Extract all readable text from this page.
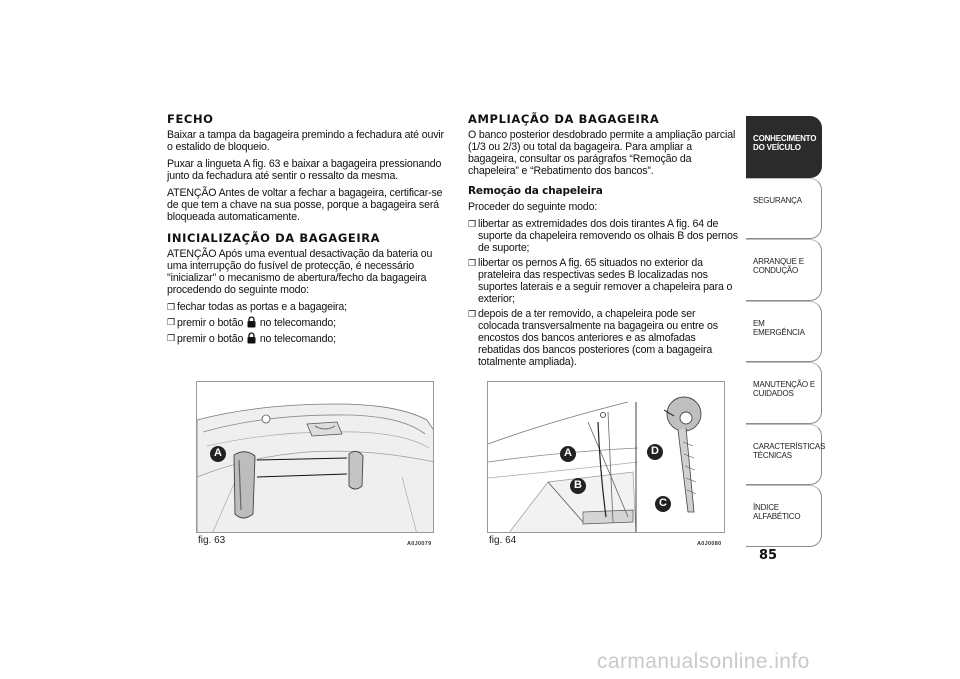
FECHO
Baixar a tampa da bagageira premindo a fechadura até ouvir o estalido de bloqueio.
Puxar a lingueta A fig. 63 e baixar a bagageira pressionando junto da fechadura até sentir o ressalto da mesma.
ATENÇÃO Antes de voltar a fechar a bagageira, certificar-se de que tem a chave na sua posse, porque a bagageira será bloqueada automaticamente.
INICIALIZAÇÃO DA BAGAGEIRA
ATENÇÃO Após uma eventual desactivação da bateria ou uma interrupção do fusível de protecção, é necessário "inicializar" o mecanismo de abertura/fecho da bagageira procedendo do seguinte modo:
❒ fechar todas as portas e a bagageira;
❒ premir o botão no telecomando;
❒ premir o botão no telecomando;
AMPLIAÇÃO DA BAGAGEIRA
O banco posterior desdobrado permite a ampliação parcial (1/3 ou 2/3) ou total da bagageira. Para ampliar a bagageira, consultar os parágrafos “Remoção da chapeleira” e “Rebatimento dos bancos”.
Remoção da chapeleira
Proceder do seguinte modo:
❒ libertar as extremidades dos dois tirantes A fig. 64 de suporte da chapeleira removendo os olhais B dos pernos de suporte;
❒ libertar os pernos A fig. 65 situados no exterior da prateleira das respectivas sedes B localizadas nos suportes laterais e a seguir remover a chapeleira para o exterior;
❒ depois de a ter removido, a chapeleira pode ser colocada transversalmente na bagageira ou entre os encostos dos bancos anteriores e as almofadas rebatidas dos bancos posteriores (com a bagageira totalmente ampliada).
A
fig. 63	A0J0079
A
B
C
D
fig. 64	A0J0080
CONHECIMENTO DO VEÍCULO
SEGURANÇA
ARRANQUE E CONDUÇÃO
EM EMERGÊNCIA
MANUTENÇÃO E CUIDADOS
CARACTERÍSTICAS TÉCNICAS
ÍNDICE ALFABÉTICO
85
carmanualsonline.info
